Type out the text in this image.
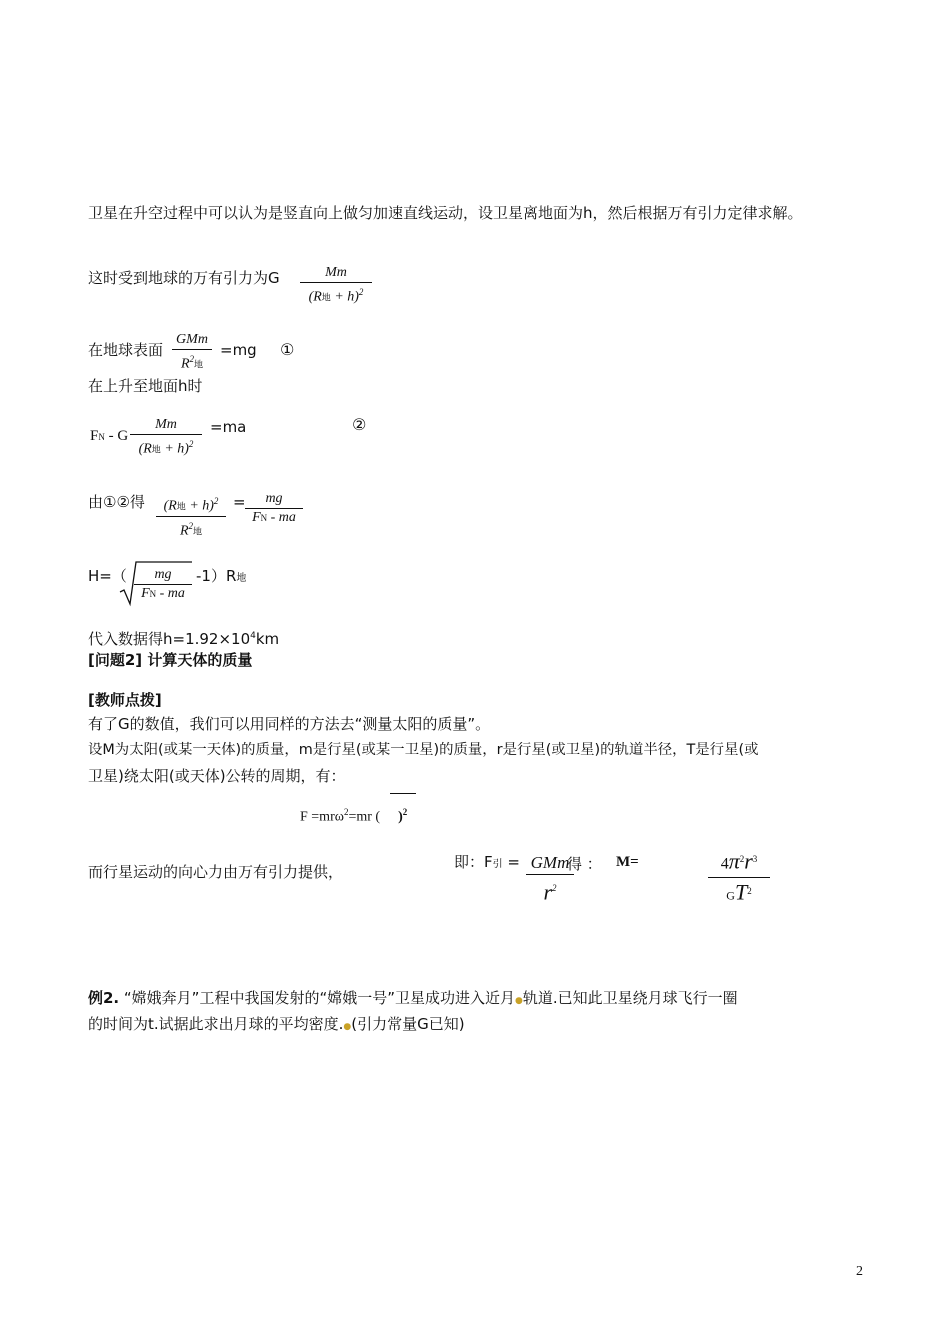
卫星在升空过程中可以认为是竖直向上做匀加速直线运动，设卫星离地面为h，然后根据万有引力定律求解。
这时受到地球的万有引力为G	Mm
(R地 + h)$^2$
在地球表面
GMm
$R^2$地
=mg ①
在上升至地面h时
FN - G
Mm
(R地 + h)$^2$
=ma	②
由①②得	(R地 + h)$^2$
$R^2$地
= $\frac{mg}{FN - ma}$
$H=( \frac{mg}{FN - ma} -1)R$地
代入数据得$h=1.92\times 10^4km$
[问题2] 计算天体的质量
[教师点拨]
有了G的数值，我们可以用同样的方法去“测量太阳的质量”。
设M为太阳(或某一天体)的质量，m是行星(或某一卫星)的质量，r是行星(或卫星)的轨道半径，T是行星(或
卫星)绕太阳(或天体)公转的周期，有：
F =mrω$^2$=mr ( )$^2$
而行星运动的向心力由万有引力提供，
即：F引 = GMm
$r^2$
得 ： M=	$\frac{4\pi^2r^3}{GT^2}$
例2. “嫦娥奔月”工程中我国发射的“嫦娥一号”卫星成功进入近月●轨道.已知此卫星绕月球飞行一圈
的时间为t.试据此求出月球的平均密度.●(引力常量G已知)
2
